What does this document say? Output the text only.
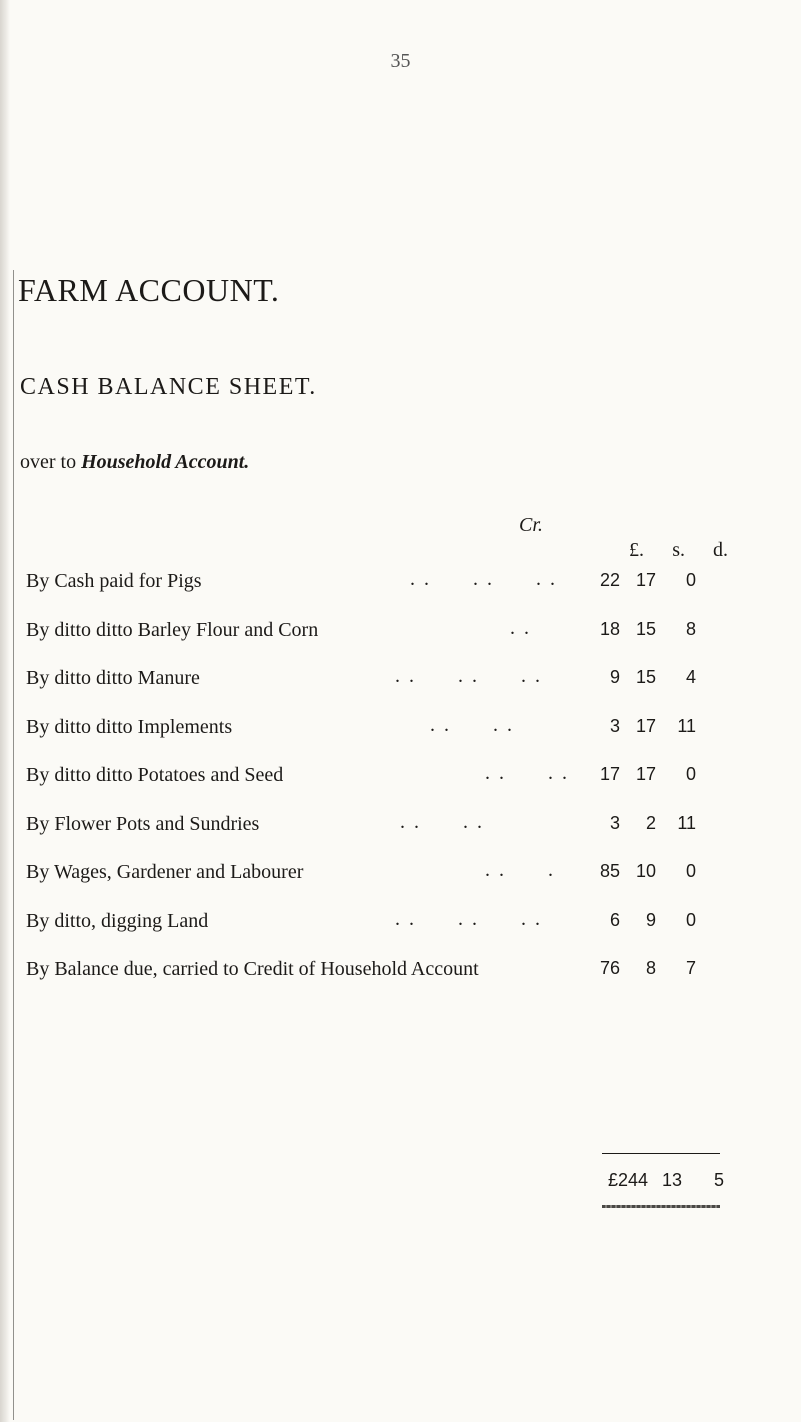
35
FARM ACCOUNT.
CASH BALANCE SHEET.
over to Household Account.
Cr.
£.	s.	d.
By Cash paid for Pigs	. .      . .      . .	22 17	0
By ditto ditto Barley Flour and Corn	. .	18 15	8
By ditto ditto Manure	. .      . .      . .	9 15	4
By ditto ditto Implements	. .      . .	3 17	11
By ditto ditto Potatoes and Seed	. .      . .	17 17	0
By Flower Pots and Sundries	. .      . .	3	2	11
By Wages, Gardener and Labourer	. .      .	85 10	0
By ditto, digging Land	. .      . .      . .	6	9	0
By Balance due, carried to Credit of Household Account	76	8	7
£244 13	5
